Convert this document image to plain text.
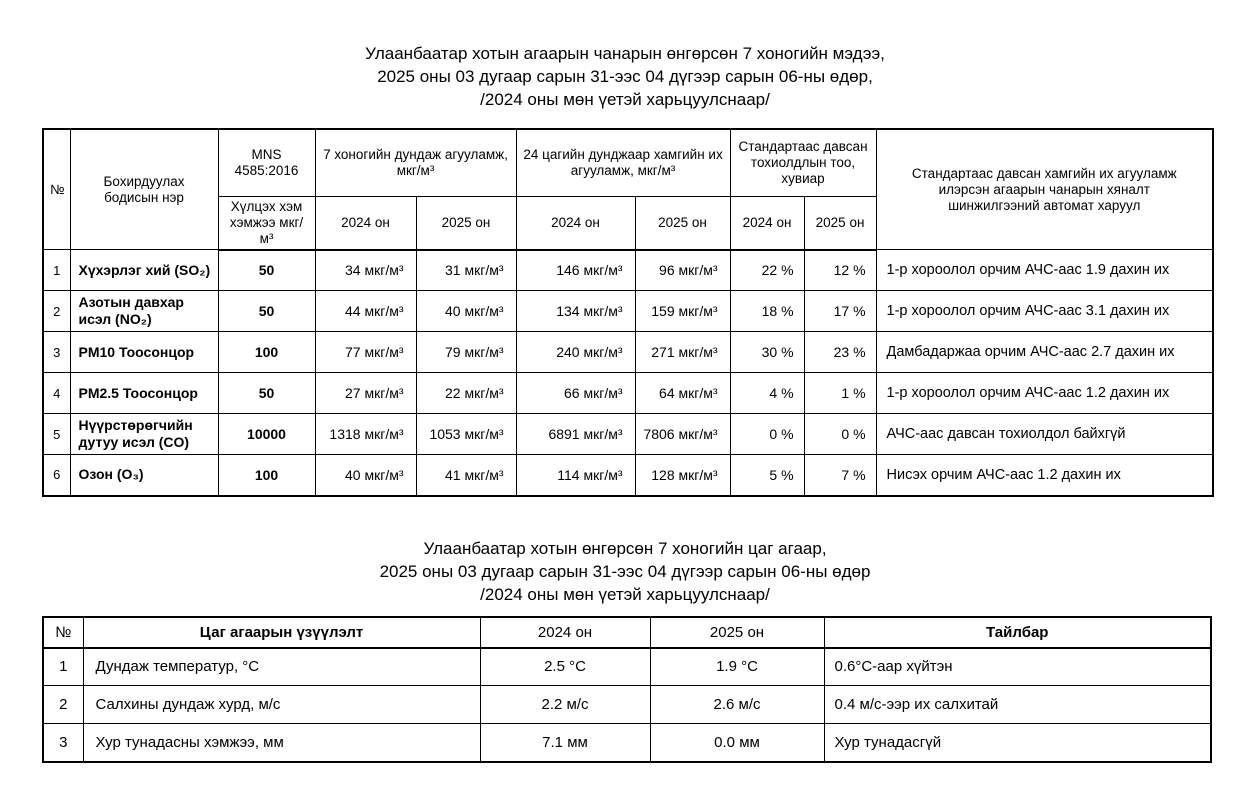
Улаанбаатар хотын агаарын чанарын өнгөрсөн 7 хоногийн мэдээ,
2025 оны 03 дугаар сарын 31-ээс 04 дүгээр сарын 06-ны өдөр,
/2024 оны мөн үетэй харьцуулснаар/
№	Бохирдуулах бодисын нэр	MNS 4585:2016	7 хоногийн дундаж агууламж, мкг/м³		24 цагийн дунджаар хамгийн их агууламж, мкг/м³		Стандартаас давсан тохиолдлын тоо, хувиар		Стандартаас давсан хамгийн их агууламж илэрсэн агаарын чанарын хяналт шинжилгээний автомат харуул
		Хүлцэх хэм хэмжээ мкг/м³	2024 он	2025 он	2024 он	2025 он	2024 он	2025 он	
1	Хүхэрлэг хий (SO₂)	50	34 мкг/м³	31 мкг/м³	146 мкг/м³	96 мкг/м³	22 %	12 %	1-р хороолол орчим АЧС-аас 1.9 дахин их
2	Азотын давхар исэл (NO₂)	50	44 мкг/м³	40 мкг/м³	134 мкг/м³	159 мкг/м³	18 %	17 %	1-р хороолол орчим АЧС-аас 3.1 дахин их
3	PM10 Тоосонцор	100	77 мкг/м³	79 мкг/м³	240 мкг/м³	271 мкг/м³	30 %	23 %	Дамбадаржаа орчим АЧС-аас 2.7 дахин их
4	PM2.5 Тоосонцор	50	27 мкг/м³	22 мкг/м³	66 мкг/м³	64 мкг/м³	4 %	1 %	1-р хороолол орчим АЧС-аас 1.2 дахин их
5	Нүүрстөрөгчийн дутуу исэл (CO)	10000	1318 мкг/м³	1053 мкг/м³	6891 мкг/м³	7806 мкг/м³	0 %	0 %	АЧС-аас давсан тохиолдол байхгүй
6	Озон (O₃)	100	40 мкг/м³	41 мкг/м³	114 мкг/м³	128 мкг/м³	5 %	7 %	Нисэх орчим АЧС-аас 1.2 дахин их
Улаанбаатар хотын өнгөрсөн 7 хоногийн цаг агаар,
2025 оны 03 дугаар сарын 31-ээс 04 дүгээр сарын 06-ны өдөр
/2024 оны мөн үетэй харьцуулснаар/
№	Цаг агаарын үзүүлэлт	2024 он	2025 он	Тайлбар
1	Дундаж температур, °С	2.5 °С	1.9 °С	0.6°С-аар хүйтэн
2	Салхины дундаж хурд, м/с	2.2 м/с	2.6 м/с	0.4 м/с-ээр их салхитай
3	Хур тунадасны хэмжээ, мм	7.1 мм	0.0 мм	Хур тунадасгүй
